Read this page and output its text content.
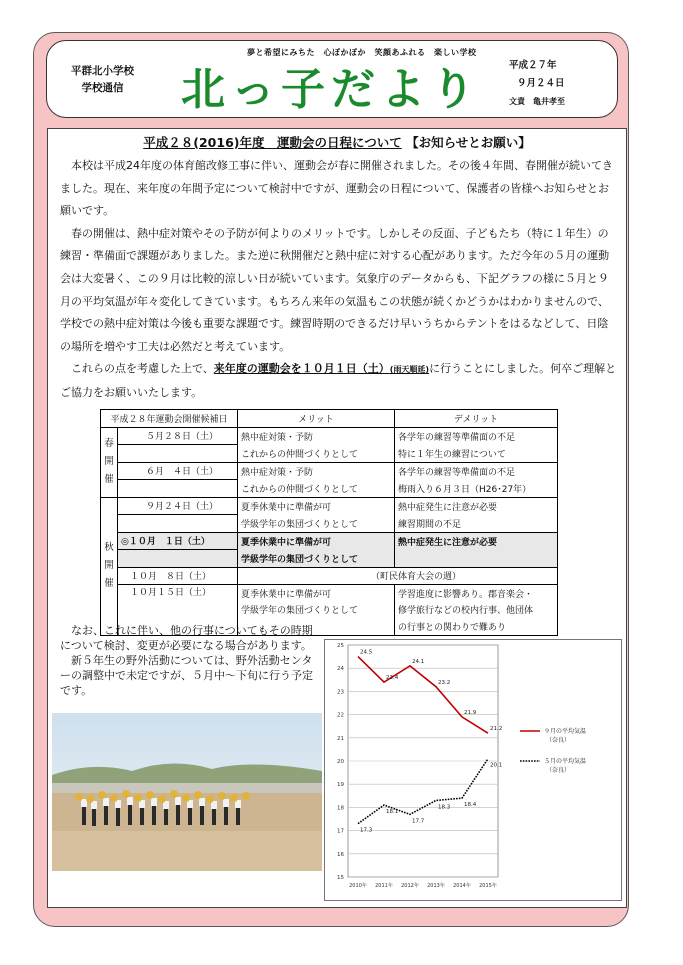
平群北小学校
学校通信
夢と希望にみちた　心ぽかぽか　笑顔あふれる　楽しい学校
北っ子だより	平成２７年
９月２４日
文責　亀井孝至
平成２８(2016)年度　運動会の日程について 【お知らせとお願い】

本校は平成24年度の体育館改修工事に伴い、運動会が春に開催されました。その後４年間、春開催が続いてきました。現在、来年度の年間予定について検討中ですが、運動会の日程について、保護者の皆様へお知らせとお願いです。

春の開催は、熱中症対策やその予防が何よりのメリットです。しかしその反面、子どもたち（特に１年生）の練習・準備面で課題がありました。また逆に秋開催だと熱中症に対する心配があります。ただ今年の５月の運動会は大変暑く、この９月は比較的涼しい日が続いています。気象庁のデータからも、下記グラフの様に５月と９月の平均気温が年々変化してきています。もちろん来年の気温もこの状態が続くかどうかはわかりませんので、学校での熱中症対策は今後も重要な課題です。練習時期のできるだけ早いうちからテントをはるなどして、日陰の場所を増やす工夫は必然だと考えています。

これらの点を考慮した上で、来年度の運動会を１０月１日（土）(雨天順延)に行うことにしました。何卒ご理解とご協力をお願いいたします。

平成２８年運動会開催候補日		メリット	デメリット
春開催	５月２８日（土）	熱中症対策・予防	各学年の練習等準備面の不足
		これからの仲間づくりとして	特に１年生の練習について
	６月　４日（土）	熱中症対策・予防	各学年の練習等準備面の不足
		これからの仲間づくりとして	梅雨入り６月３日（H26･27年）
秋開催	９月２４日（土）	夏季休業中に準備が可	熱中症発生に注意が必要
		学級学年の集団づくりとして	練習期間の不足
	◎１０月　１日（土）	夏季休業中に準備が可	熱中症発生に注意が必要
		学級学年の集団づくりとして	
	１０月　８日（土）	（町民体育大会の週）	
	１０月１５日（土）	夏季休業中に準備が可	学習進度に影響あり。郡音楽会・
		学級学年の集団づくりとして	修学旅行などの校内行事、他団体
			の行事との関わりで難あり

なお、これに伴い、他の行事についてもその時期について検討、変更が必要になる場合があります。

新５年生の野外活動については、野外活動センターの調整中で未定ですが、５月中～下旬に行う予定です。

25
24
23
22
21
20
19
18
17
16
15
2010年 2011年 2012年 2013年 2014年 2015年
24.5
23.4
24.1
23.2
21.9
21.2	９月の平均気温
（奈良）
17.3
18.1
17.7
18.3	18.4
20.1
５月の平均気温
（奈良）
